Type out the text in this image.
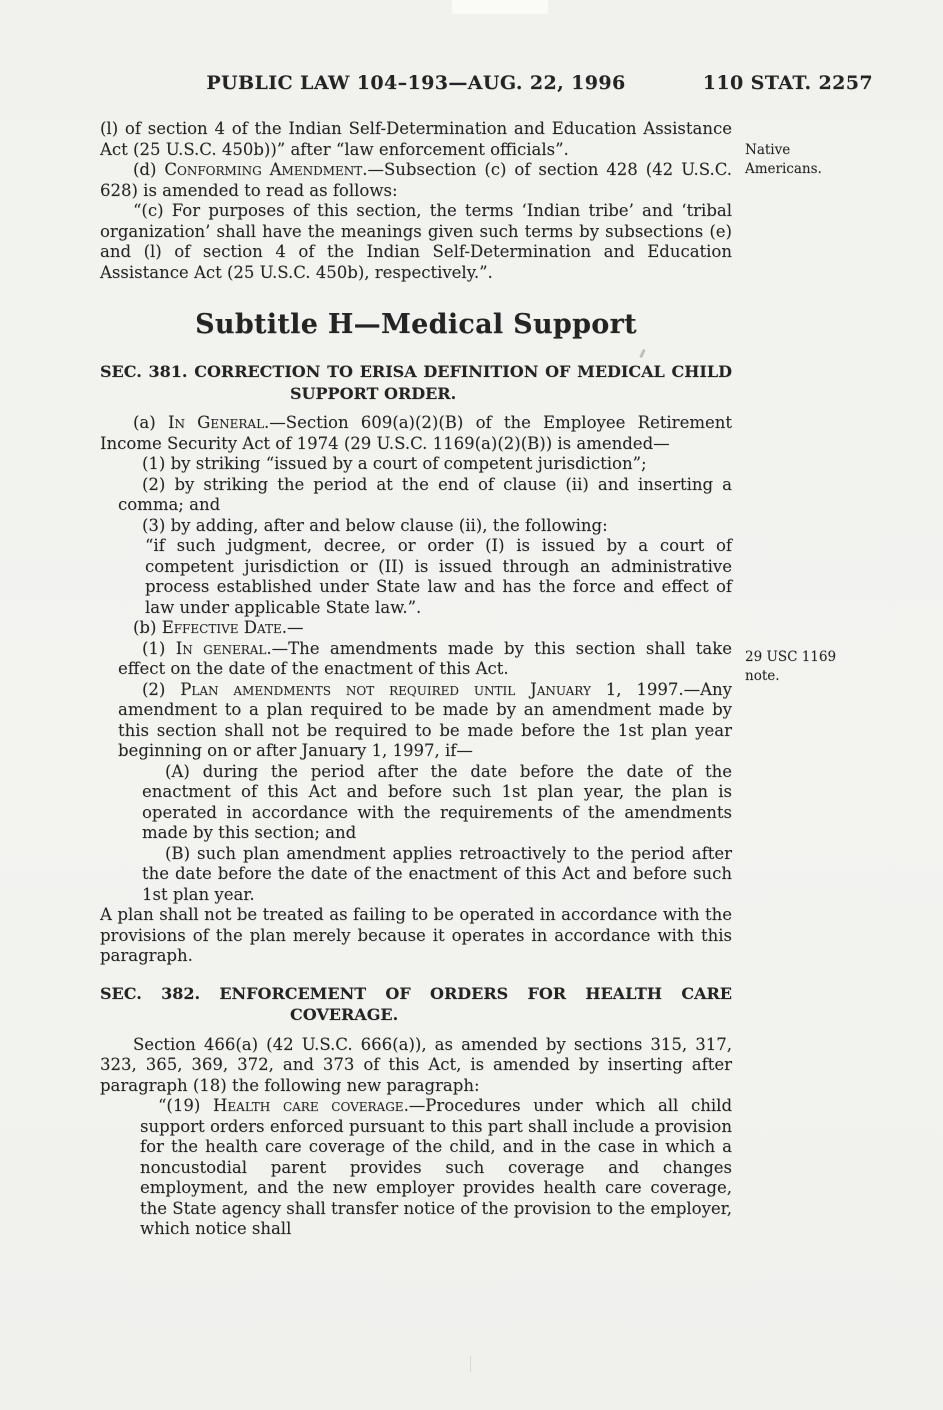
PUBLIC LAW 104–193—AUG. 22, 1996	110 STAT. 2257
Native Americans.
29 USC 1169 note.
(l) of section 4 of the Indian Self-Determination and Education Assistance Act (25 U.S.C. 450b))” after “law enforcement officials”.
(d) Conforming Amendment.—Subsection (c) of section 428 (42 U.S.C. 628) is amended to read as follows:
“(c) For purposes of this section, the terms ‘Indian tribe’ and ‘tribal organization’ shall have the meanings given such terms by subsections (e) and (l) of section 4 of the Indian Self-Determination and Education Assistance Act (25 U.S.C. 450b), respectively.”.
Subtitle H—Medical Support
SEC. 381. CORRECTION TO ERISA DEFINITION OF MEDICAL CHILD SUPPORT ORDER.
(a) In General.—Section 609(a)(2)(B) of the Employee Retirement Income Security Act of 1974 (29 U.S.C. 1169(a)(2)(B)) is amended—
(1) by striking “issued by a court of competent jurisdiction”;
(2) by striking the period at the end of clause (ii) and inserting a comma; and
(3) by adding, after and below clause (ii), the following:
“if such judgment, decree, or order (I) is issued by a court of competent jurisdiction or (II) is issued through an administrative process established under State law and has the force and effect of law under applicable State law.”.
(b) Effective Date.—
(1) In general.—The amendments made by this section shall take effect on the date of the enactment of this Act.
(2) Plan amendments not required until January 1, 1997.—Any amendment to a plan required to be made by an amendment made by this section shall not be required to be made before the 1st plan year beginning on or after January 1, 1997, if—
(A) during the period after the date before the date of the enactment of this Act and before such 1st plan year, the plan is operated in accordance with the requirements of the amendments made by this section; and
(B) such plan amendment applies retroactively to the period after the date before the date of the enactment of this Act and before such 1st plan year.
A plan shall not be treated as failing to be operated in accordance with the provisions of the plan merely because it operates in accordance with this paragraph.
SEC. 382. ENFORCEMENT OF ORDERS FOR HEALTH CARE COVERAGE.
Section 466(a) (42 U.S.C. 666(a)), as amended by sections 315, 317, 323, 365, 369, 372, and 373 of this Act, is amended by inserting after paragraph (18) the following new paragraph:
“(19) Health care coverage.—Procedures under which all child support orders enforced pursuant to this part shall include a provision for the health care coverage of the child, and in the case in which a noncustodial parent provides such coverage and changes employment, and the new employer provides health care coverage, the State agency shall transfer notice of the provision to the employer, which notice shall
